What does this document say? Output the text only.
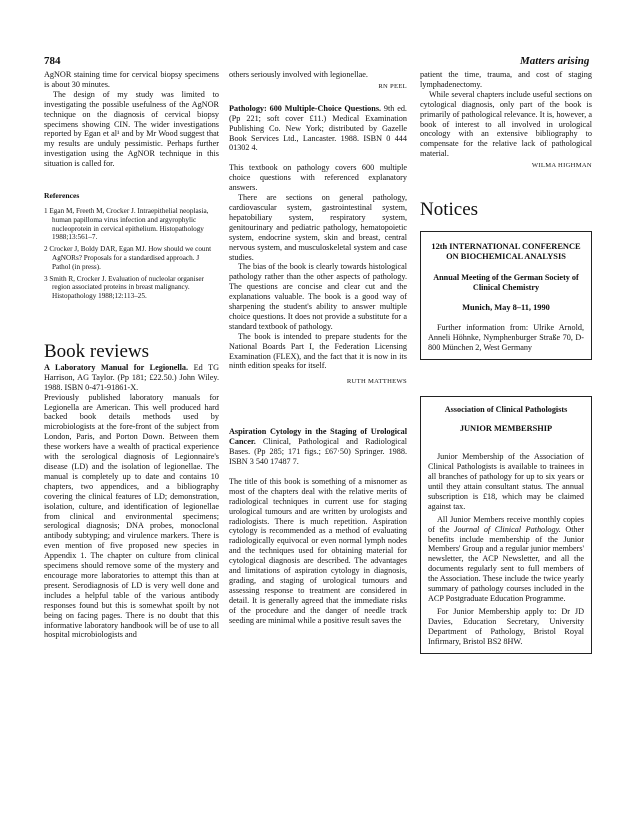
784	Matters arising

AgNOR staining time for cervical biopsy specimens is about 30 minutes.

The design of my study was limited to investigating the possible usefulness of the AgNOR technique on the diagnosis of cervical biopsy specimens showing CIN. The wider investigations reported by Egan et al¹ and by Mr Wood suggest that my results are unduly pessimistic. Perhaps further investigation using the AgNOR technique in this situation is called for.

References
1 Egan M, Freeth M, Crocker J. Intraepithelial neoplasia, human papilloma virus infection and argyrophylic nucleoprotein in cervical epithelium. Histopathology 1988;13:561–7.
2 Crocker J, Boldy DAR, Egan MJ. How should we count AgNORs? Proposals for a standardised approach. J Pathol (in press).
3 Smith R, Crocker J. Evaluation of nucleolar organiser region associated proteins in breast malignancy. Histopathology 1988;12:113–25.
Book reviews

A Laboratory Manual for Legionella. Ed TG Harrison, AG Taylor. (Pp 181; £22.50.) John Wiley. 1988. ISBN 0-471-91861-X.

Previously published laboratory manuals for Legionella are American. This well produced hard backed book details methods used by microbiologists at the fore-front of the subject from London, Paris, and Porton Down. Between them these workers have a wealth of practical experience with the serological diagnosis of Legionnaire's disease (LD) and the isolation of legionellae. The manual is completely up to date and contains 10 chapters, two appendices, and a bibliography covering the clinical features of LD; demonstration, isolation, culture, and identification of legionellae from clinical and environmental specimens; serological diagnosis; DNA probes, monoclonal antibody subtyping; and virulence markers. There is even mention of five proposed new species in Appendix 1. The chapter on culture from clinical specimens should remove some of the mystery and encourage more laboratories to attempt this than at present. Serodiagnosis of LD is very well done and includes a helpful table of the various antibody responses found but this is somewhat spoilt by not being on facing pages. There is no doubt that this informative laboratory handbook will be of use to all hospital microbiologists and

others seriously involved with legionellae.

RN PEEL

Pathology: 600 Multiple-Choice Questions. 9th ed. (Pp 221; soft cover £11.) Medical Examination Publishing Co. New York; distributed by Gazelle Book Services Ltd., Lancaster. 1988. ISBN 0 444 01302 4.

This textbook on pathology covers 600 multiple choice questions with referenced explanatory answers.

There are sections on general pathology, cardiovascular system, gastrointestinal system, hepatobiliary system, respiratory system, genitourinary and pediatric pathology, hematopoietic system, endocrine system, skin and breast, central nervous system, and musculoskeletal system and case studies.

The bias of the book is clearly towards histological pathology rather than the other aspects of pathology. The questions are concise and clear cut and the explanations valuable. The book is a good way of sharpening the student's ability to answer multiple choice questions. It does not provide a substitute for a standard textbook of pathology.

The book is intended to prepare students for the National Boards Part I, the Federation Licensing Examination (FLEX), and the fact that it is now in its ninth edition speaks for itself.

RUTH MATTHEWS

Aspiration Cytology in the Staging of Urological Cancer. Clinical, Pathological and Radiological Bases. (Pp 285; 171 figs.; £67·50) Springer. 1988. ISBN 3 540 17487 7.

The title of this book is something of a misnomer as most of the chapters deal with the relative merits of radiological techniques in current use for staging urological tumours and are written by urologists and radiologists. There is much repetition. Aspiration cytology is recommended as a method of evaluating radiologically equivocal or even normal lymph nodes and the techniques used for obtaining material for cytological diagnosis are described. The advantages and limitations of aspiration cytology in diagnosis, grading, and staging of urological tumours and assessing response to treatment are considered in detail. It is generally agreed that the immediate risks of the procedure and the danger of needle track seeding are minimal while a positive result saves the

patient the time, trauma, and cost of staging lymphadenectomy.

While several chapters include useful sections on cytological diagnosis, only part of the book is primarily of pathological relevance. It is, however, a book of interest to all involved in urological oncology with an extensive bibliography to compensate for the relative lack of pathological material.

WILMA HIGHMAN
Notices
12th INTERNATIONAL CONFERENCE ON BIOCHEMICAL ANALYSIS
Annual Meeting of the German Society of Clinical Chemistry
Munich, May 8–11, 1990

Further information from: Ulrike Arnold, Anneli Höhnke, Nymphenburger Straße 70, D-800 München 2, West Germany

Association of Clinical Pathologists
JUNIOR MEMBERSHIP

Junior Membership of the Association of Clinical Pathologists is available to trainees in all branches of pathology for up to six years or until they attain consultant status. The annual subscription is £18, which may be claimed against tax.

All Junior Members receive monthly copies of the Journal of Clinical Pathology. Other benefits include membership of the Junior Members' Group and a regular junior members' newsletter, the ACP Newsletter, and all the documents regularly sent to full members of the Association. These include the twice yearly summary of pathology courses included in the ACP Postgraduate Education Programme.

For Junior Membership apply to: Dr JD Davies, Education Secretary, University Department of Pathology, Bristol Royal Infirmary, Bristol BS2 8HW.
